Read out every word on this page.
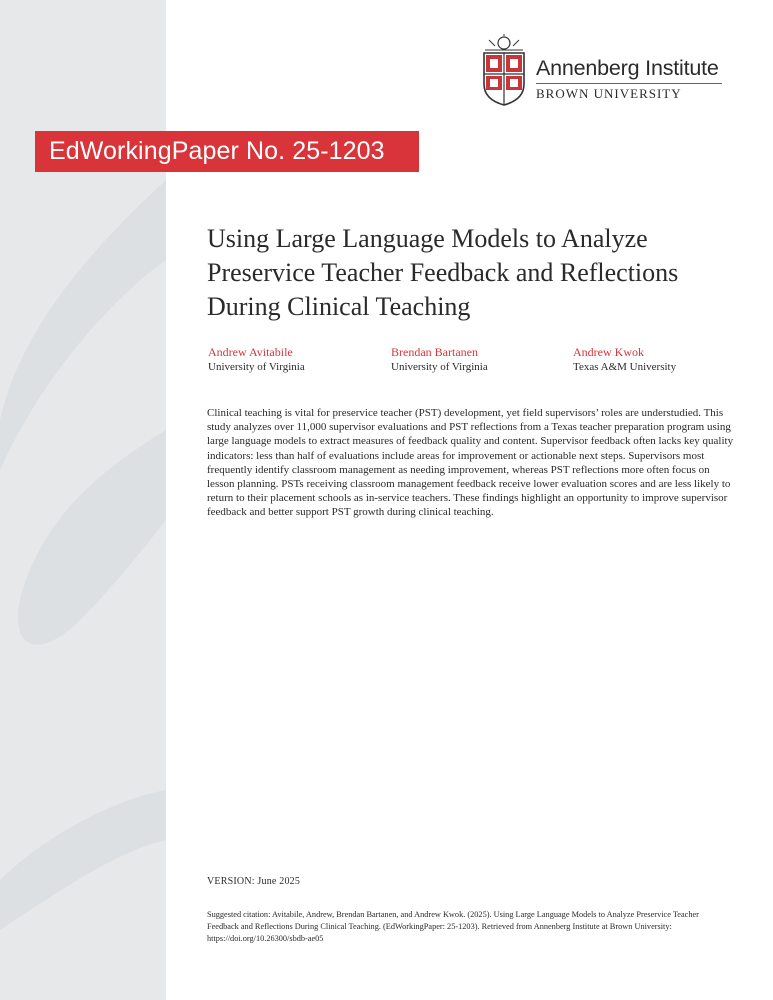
EdWorkingPaper No. 25-1203
Annenberg Institute
BROWN UNIVERSITY
Using Large Language Models to Analyze
Preservice Teacher Feedback and Reflections
During Clinical Teaching
Andrew Avitabile
University of Virginia
Brendan Bartanen
University of Virginia
Andrew Kwok
Texas A&M University

Clinical teaching is vital for preservice teacher (PST) development, yet field supervisors’ roles are understudied. This study analyzes over 11,000 supervisor evaluations and PST reflections from a Texas teacher preparation program using large language models to extract measures of feedback quality and content. Supervisor feedback often lacks key quality indicators: less than half of evaluations include areas for improvement or actionable next steps. Supervisors most frequently identify classroom management as needing improvement, whereas PST reflections more often focus on lesson planning. PSTs receiving classroom management feedback receive lower evaluation scores and are less likely to return to their placement schools as in-service teachers. These findings highlight an opportunity to improve supervisor feedback and better support PST growth during clinical teaching.

VERSION: June 2025

Suggested citation: Avitabile, Andrew, Brendan Bartanen, and Andrew Kwok. (2025). Using Large Language Models to Analyze Preservice Teacher Feedback and Reflections During Clinical Teaching. (EdWorkingPaper: 25-1203). Retrieved from Annenberg Institute at Brown University: https://doi.org/10.26300/sbdb-ae05
